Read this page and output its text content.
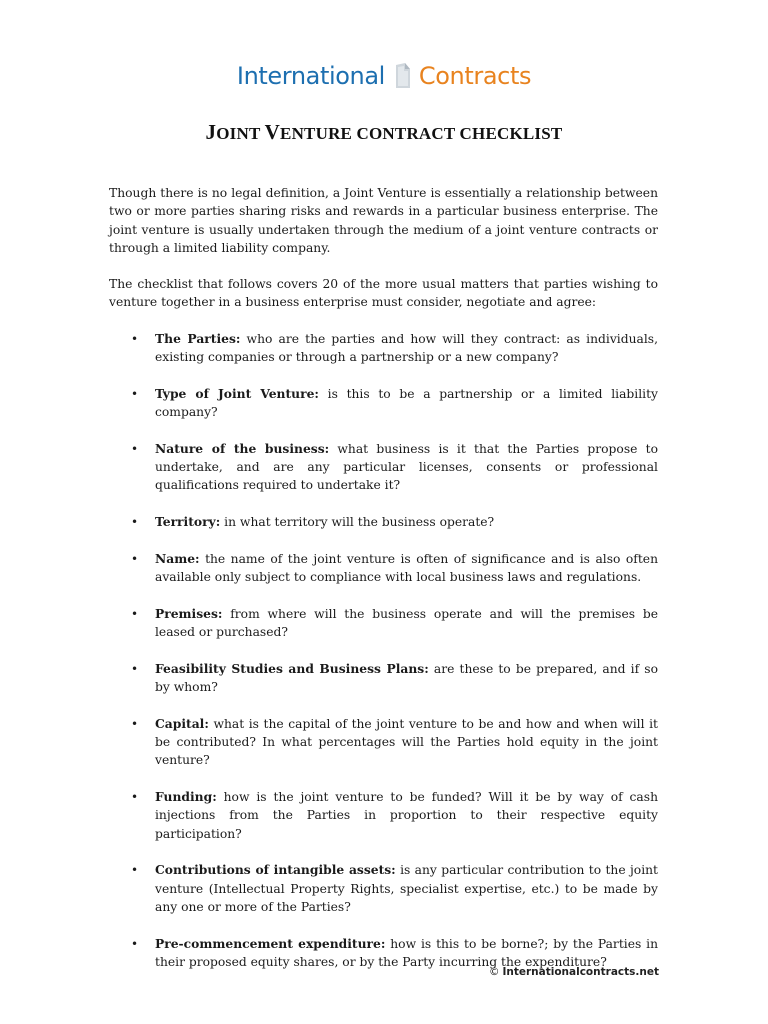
International Contracts
JOINT VENTURE CONTRACT CHECKLIST

Though there is no legal definition, a Joint Venture is essentially a relationship between two or more parties sharing risks and rewards in a particular business enterprise. The joint venture is usually undertaken through the medium of a joint venture contracts or through a limited liability company.

The checklist that follows covers 20 of the more usual matters that parties wishing to venture together in a business enterprise must consider, negotiate and agree:

• The Parties: who are the parties and how will they contract: as individuals, existing companies or through a partnership or a new company?
• Type of Joint Venture: is this to be a partnership or a limited liability company?
• Nature of the business: what business is it that the Parties propose to undertake, and are any particular licenses, consents or professional qualifications required to undertake it?
• Territory: in what territory will the business operate?
• Name: the name of the joint venture is often of significance and is also often available only subject to compliance with local business laws and regulations.
• Premises: from where will the business operate and will the premises be leased or purchased?
• Feasibility Studies and Business Plans: are these to be prepared, and if so by whom?
• Capital: what is the capital of the joint venture to be and how and when will it be contributed? In what percentages will the Parties hold equity in the joint venture?
• Funding: how is the joint venture to be funded? Will it be by way of cash injections from the Parties in proportion to their respective equity participation?
• Contributions of intangible assets: is any particular contribution to the joint venture (Intellectual Property Rights, specialist expertise, etc.) to be made by any one or more of the Parties?
• Pre-commencement expenditure: how is this to be borne?; by the Parties in their proposed equity shares, or by the Party incurring the expenditure?
© Internationalcontracts.net
